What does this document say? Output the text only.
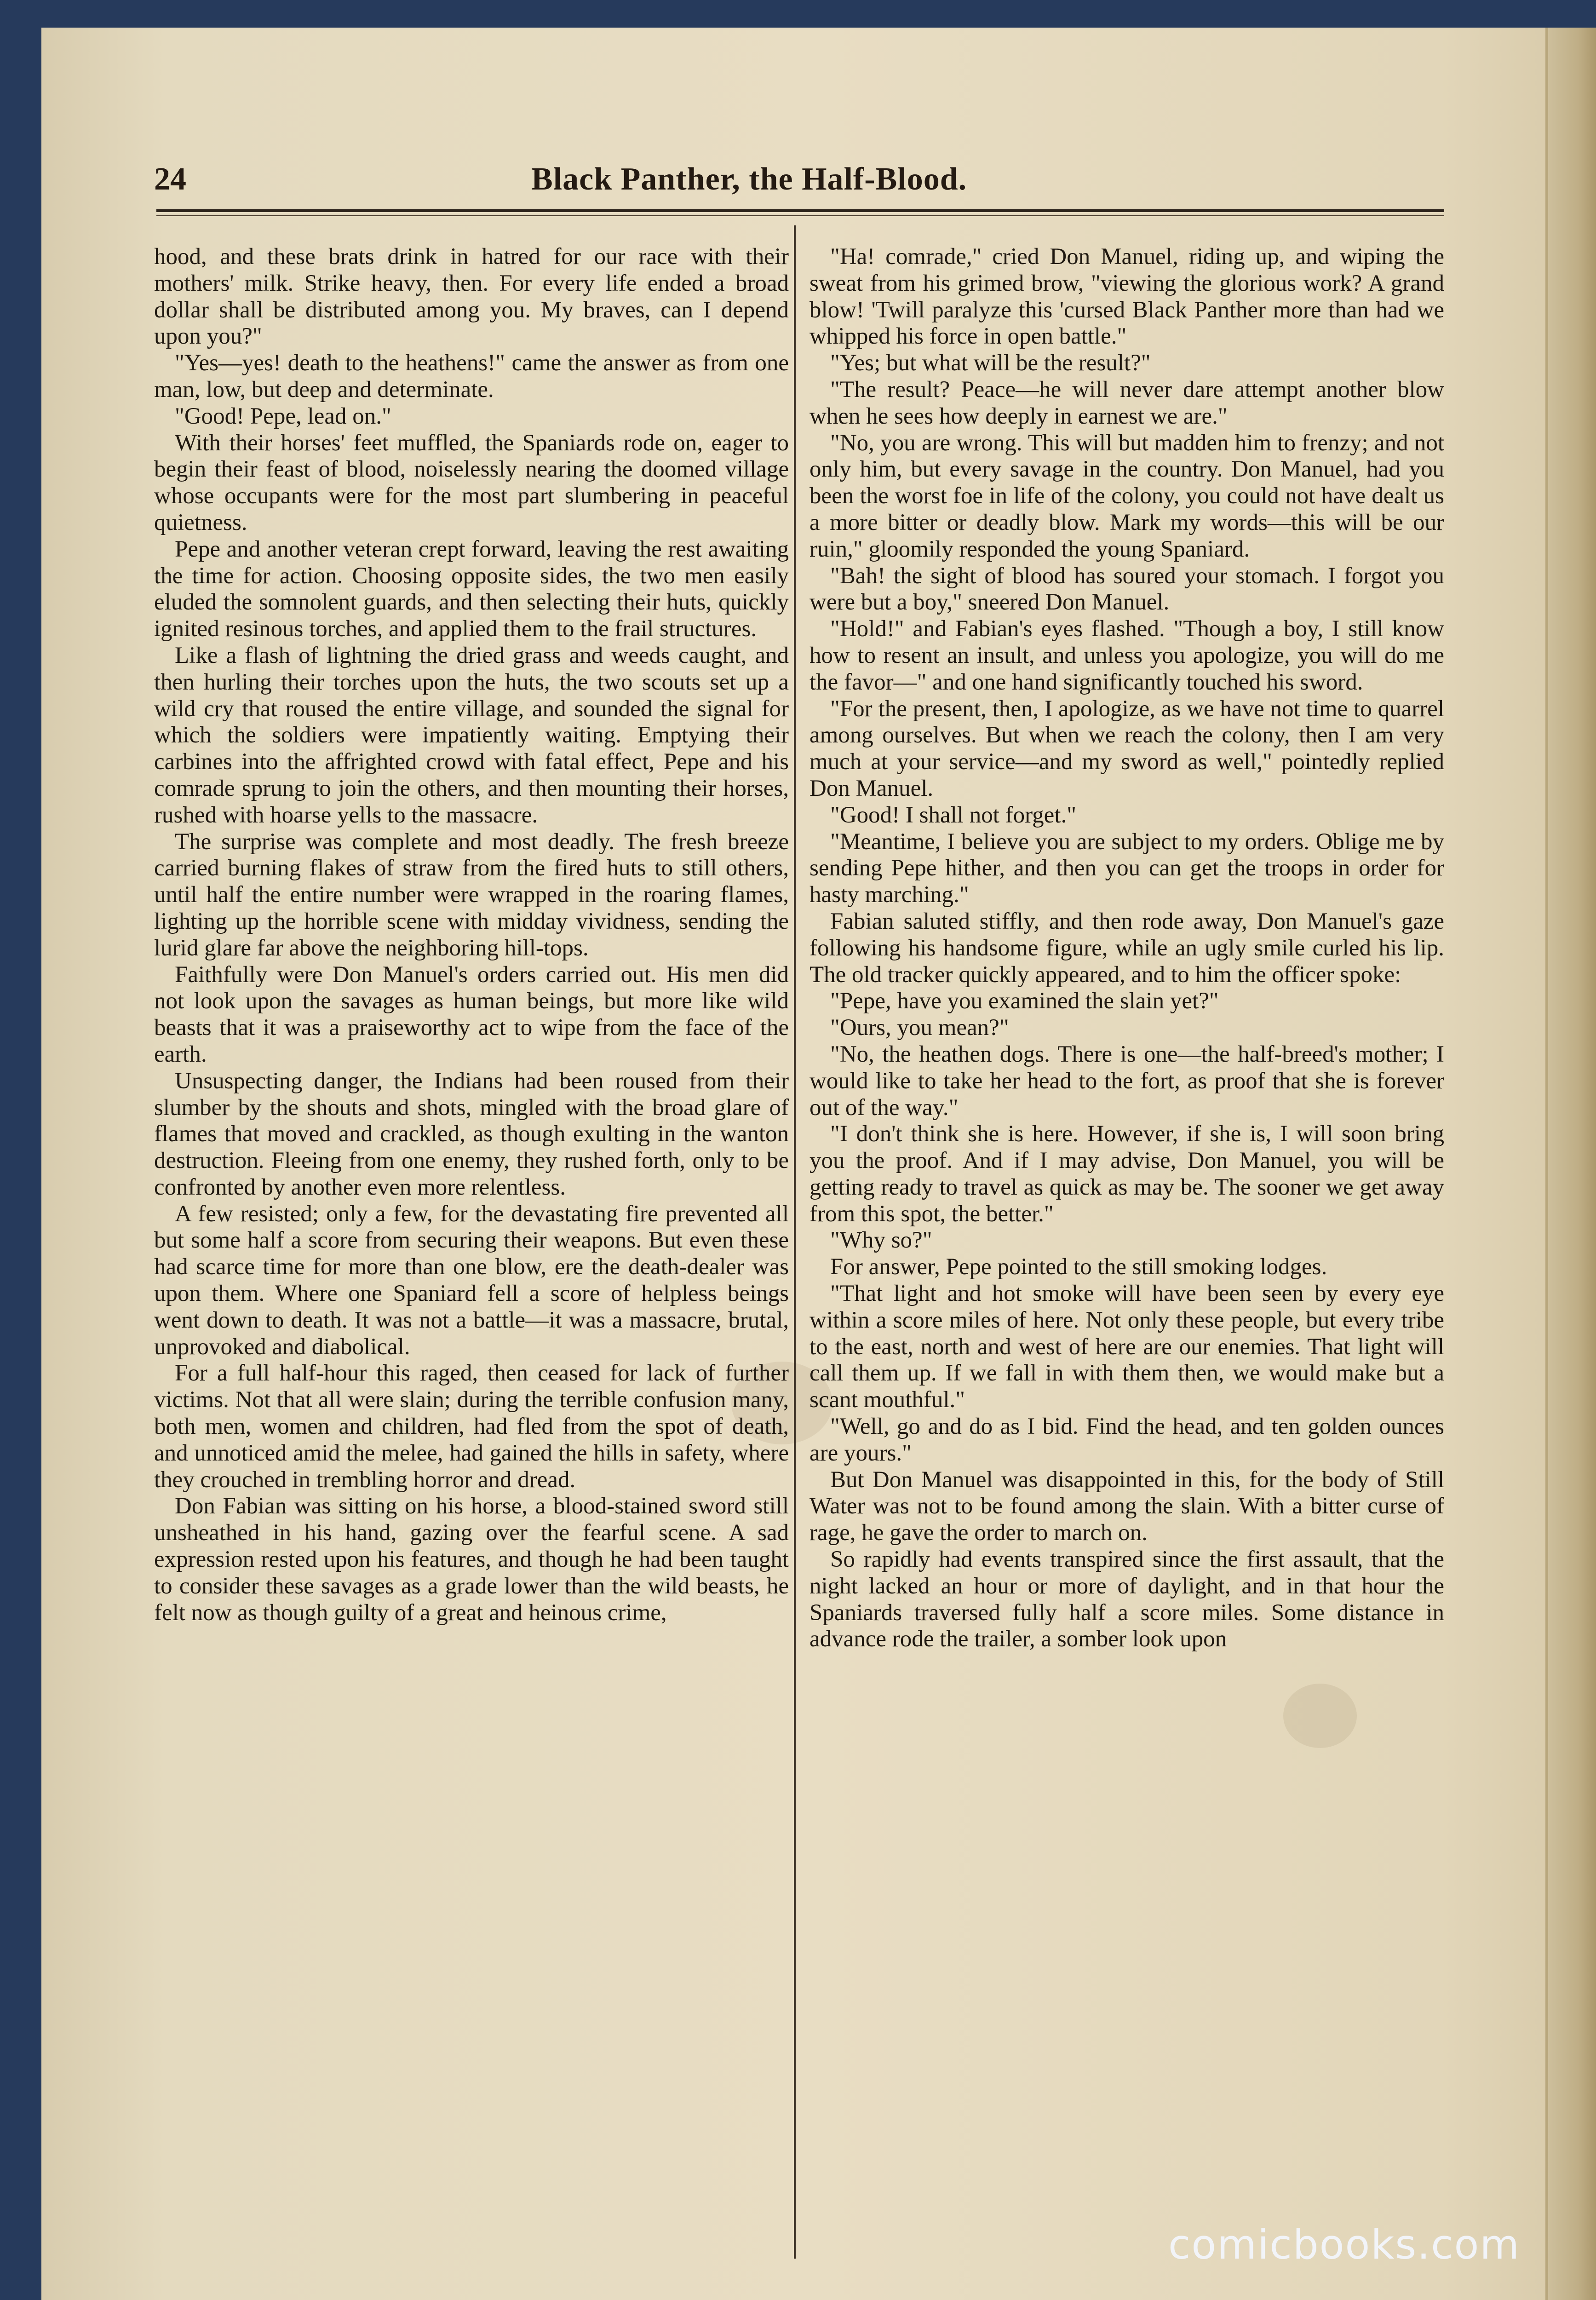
24	Black Panther, the Half-Blood.

hood, and these brats drink in hatred for our race with their mothers' milk. Strike heavy, then. For every life ended a broad dollar shall be distributed among you. My braves, can I depend upon you?"

"Yes—yes! death to the heathens!" came the answer as from one man, low, but deep and determinate.

"Good! Pepe, lead on."

With their horses' feet muffled, the Spaniards rode on, eager to begin their feast of blood, noiselessly nearing the doomed village whose occupants were for the most part slumbering in peaceful quietness.

Pepe and another veteran crept forward, leaving the rest awaiting the time for action. Choosing opposite sides, the two men easily eluded the somnolent guards, and then selecting their huts, quickly ignited resinous torches, and applied them to the frail structures.

Like a flash of lightning the dried grass and weeds caught, and then hurling their torches upon the huts, the two scouts set up a wild cry that roused the entire village, and sounded the signal for which the soldiers were impatiently waiting. Emptying their carbines into the affrighted crowd with fatal effect, Pepe and his comrade sprung to join the others, and then mounting their horses, rushed with hoarse yells to the massacre.

The surprise was complete and most deadly. The fresh breeze carried burning flakes of straw from the fired huts to still others, until half the entire number were wrapped in the roaring flames, lighting up the horrible scene with midday vividness, sending the lurid glare far above the neighboring hill-tops.

Faithfully were Don Manuel's orders carried out. His men did not look upon the savages as human beings, but more like wild beasts that it was a praiseworthy act to wipe from the face of the earth.

Unsuspecting danger, the Indians had been roused from their slumber by the shouts and shots, mingled with the broad glare of flames that moved and crackled, as though exulting in the wanton destruction. Fleeing from one enemy, they rushed forth, only to be confronted by another even more relentless.

A few resisted; only a few, for the devastating fire prevented all but some half a score from securing their weapons. But even these had scarce time for more than one blow, ere the death-dealer was upon them. Where one Spaniard fell a score of helpless beings went down to death. It was not a battle—it was a massacre, brutal, unprovoked and diabolical.

For a full half-hour this raged, then ceased for lack of further victims. Not that all were slain; during the terrible confusion many, both men, women and children, had fled from the spot of death, and unnoticed amid the melee, had gained the hills in safety, where they crouched in trembling horror and dread.

Don Fabian was sitting on his horse, a blood-stained sword still unsheathed in his hand, gazing over the fearful scene. A sad expression rested upon his features, and though he had been taught to consider these savages as a grade lower than the wild beasts, he felt now as though guilty of a great and heinous crime,

"Ha! comrade," cried Don Manuel, riding up, and wiping the sweat from his grimed brow, "viewing the glorious work? A grand blow! 'Twill paralyze this 'cursed Black Panther more than had we whipped his force in open battle."

"Yes; but what will be the result?"

"The result? Peace—he will never dare attempt another blow when he sees how deeply in earnest we are."

"No, you are wrong. This will but madden him to frenzy; and not only him, but every savage in the country. Don Manuel, had you been the worst foe in life of the colony, you could not have dealt us a more bitter or deadly blow. Mark my words—this will be our ruin," gloomily responded the young Spaniard.

"Bah! the sight of blood has soured your stomach. I forgot you were but a boy," sneered Don Manuel.

"Hold!" and Fabian's eyes flashed. "Though a boy, I still know how to resent an insult, and unless you apologize, you will do me the favor—" and one hand significantly touched his sword.

"For the present, then, I apologize, as we have not time to quarrel among ourselves. But when we reach the colony, then I am very much at your service—and my sword as well," pointedly replied Don Manuel.

"Good! I shall not forget."

"Meantime, I believe you are subject to my orders. Oblige me by sending Pepe hither, and then you can get the troops in order for hasty marching."

Fabian saluted stiffly, and then rode away, Don Manuel's gaze following his handsome figure, while an ugly smile curled his lip. The old tracker quickly appeared, and to him the officer spoke:

"Pepe, have you examined the slain yet?"

"Ours, you mean?"

"No, the heathen dogs. There is one—the half-breed's mother; I would like to take her head to the fort, as proof that she is forever out of the way."

"I don't think she is here. However, if she is, I will soon bring you the proof. And if I may advise, Don Manuel, you will be getting ready to travel as quick as may be. The sooner we get away from this spot, the better."

"Why so?"

For answer, Pepe pointed to the still smoking lodges.

"That light and hot smoke will have been seen by every eye within a score miles of here. Not only these people, but every tribe to the east, north and west of here are our enemies. That light will call them up. If we fall in with them then, we would make but a scant mouthful."

"Well, go and do as I bid. Find the head, and ten golden ounces are yours."

But Don Manuel was disappointed in this, for the body of Still Water was not to be found among the slain. With a bitter curse of rage, he gave the order to march on.

So rapidly had events transpired since the first assault, that the night lacked an hour or more of daylight, and in that hour the Spaniards traversed fully half a score miles. Some distance in advance rode the trailer, a somber look upon

comicbooks.com
